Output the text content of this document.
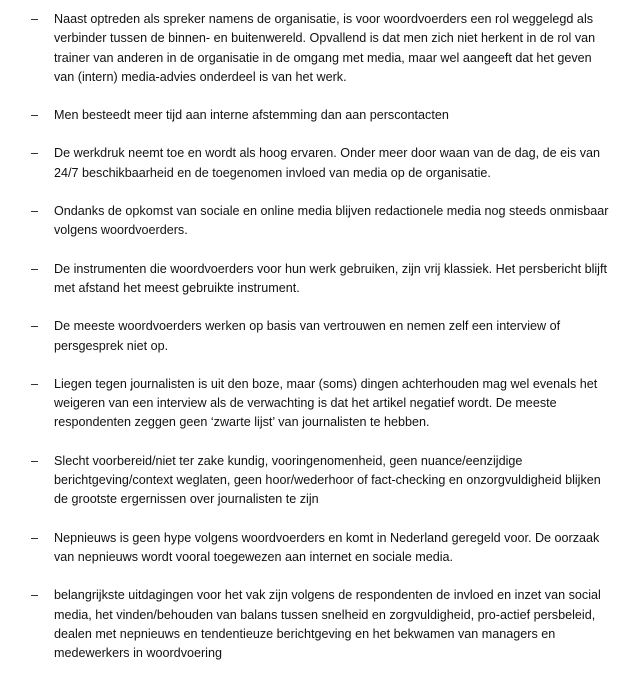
– Naast optreden als spreker namens de organisatie, is voor woordvoerders een rol weggelegd als verbinder tussen de binnen- en buitenwereld. Opvallend is dat men zich niet herkent in de rol van trainer van anderen in de organisatie in de omgang met media, maar wel aangeeft dat het geven van (intern) media-advies onderdeel is van het werk.
– Men besteedt meer tijd aan interne afstemming dan aan perscontacten
– De werkdruk neemt toe en wordt als hoog ervaren. Onder meer door waan van de dag, de eis van 24/7 beschikbaarheid en de toegenomen invloed van media op de organisatie.
– Ondanks de opkomst van sociale en online media blijven redactionele media nog steeds onmisbaar volgens woordvoerders.
– De instrumenten die woordvoerders voor hun werk gebruiken, zijn vrij klassiek. Het persbericht blijft met afstand het meest gebruikte instrument.
– De meeste woordvoerders werken op basis van vertrouwen en nemen zelf een interview of persgesprek niet op.
– Liegen tegen journalisten is uit den boze, maar (soms) dingen achterhouden mag wel evenals het weigeren van een interview als de verwachting is dat het artikel negatief wordt. De meeste respondenten zeggen geen ‘zwarte lijst’ van journalisten te hebben.
– Slecht voorbereid/niet ter zake kundig, vooringenomenheid, geen nuance/eenzijdige berichtgeving/context weglaten, geen hoor/wederhoor of fact-checking en onzorgvuldigheid blijken de grootste ergernissen over journalisten te zijn
– Nepnieuws is geen hype volgens woordvoerders en komt in Nederland geregeld voor. De oorzaak van nepnieuws wordt vooral toegewezen aan internet en sociale media.
– belangrijkste uitdagingen voor het vak zijn volgens de respondenten de invloed en inzet van social media, het vinden/behouden van balans tussen snelheid en zorgvuldigheid, pro-actief persbeleid, dealen met nepnieuws en tendentieuze berichtgeving en het bekwamen van managers en medewerkers in woordvoering
